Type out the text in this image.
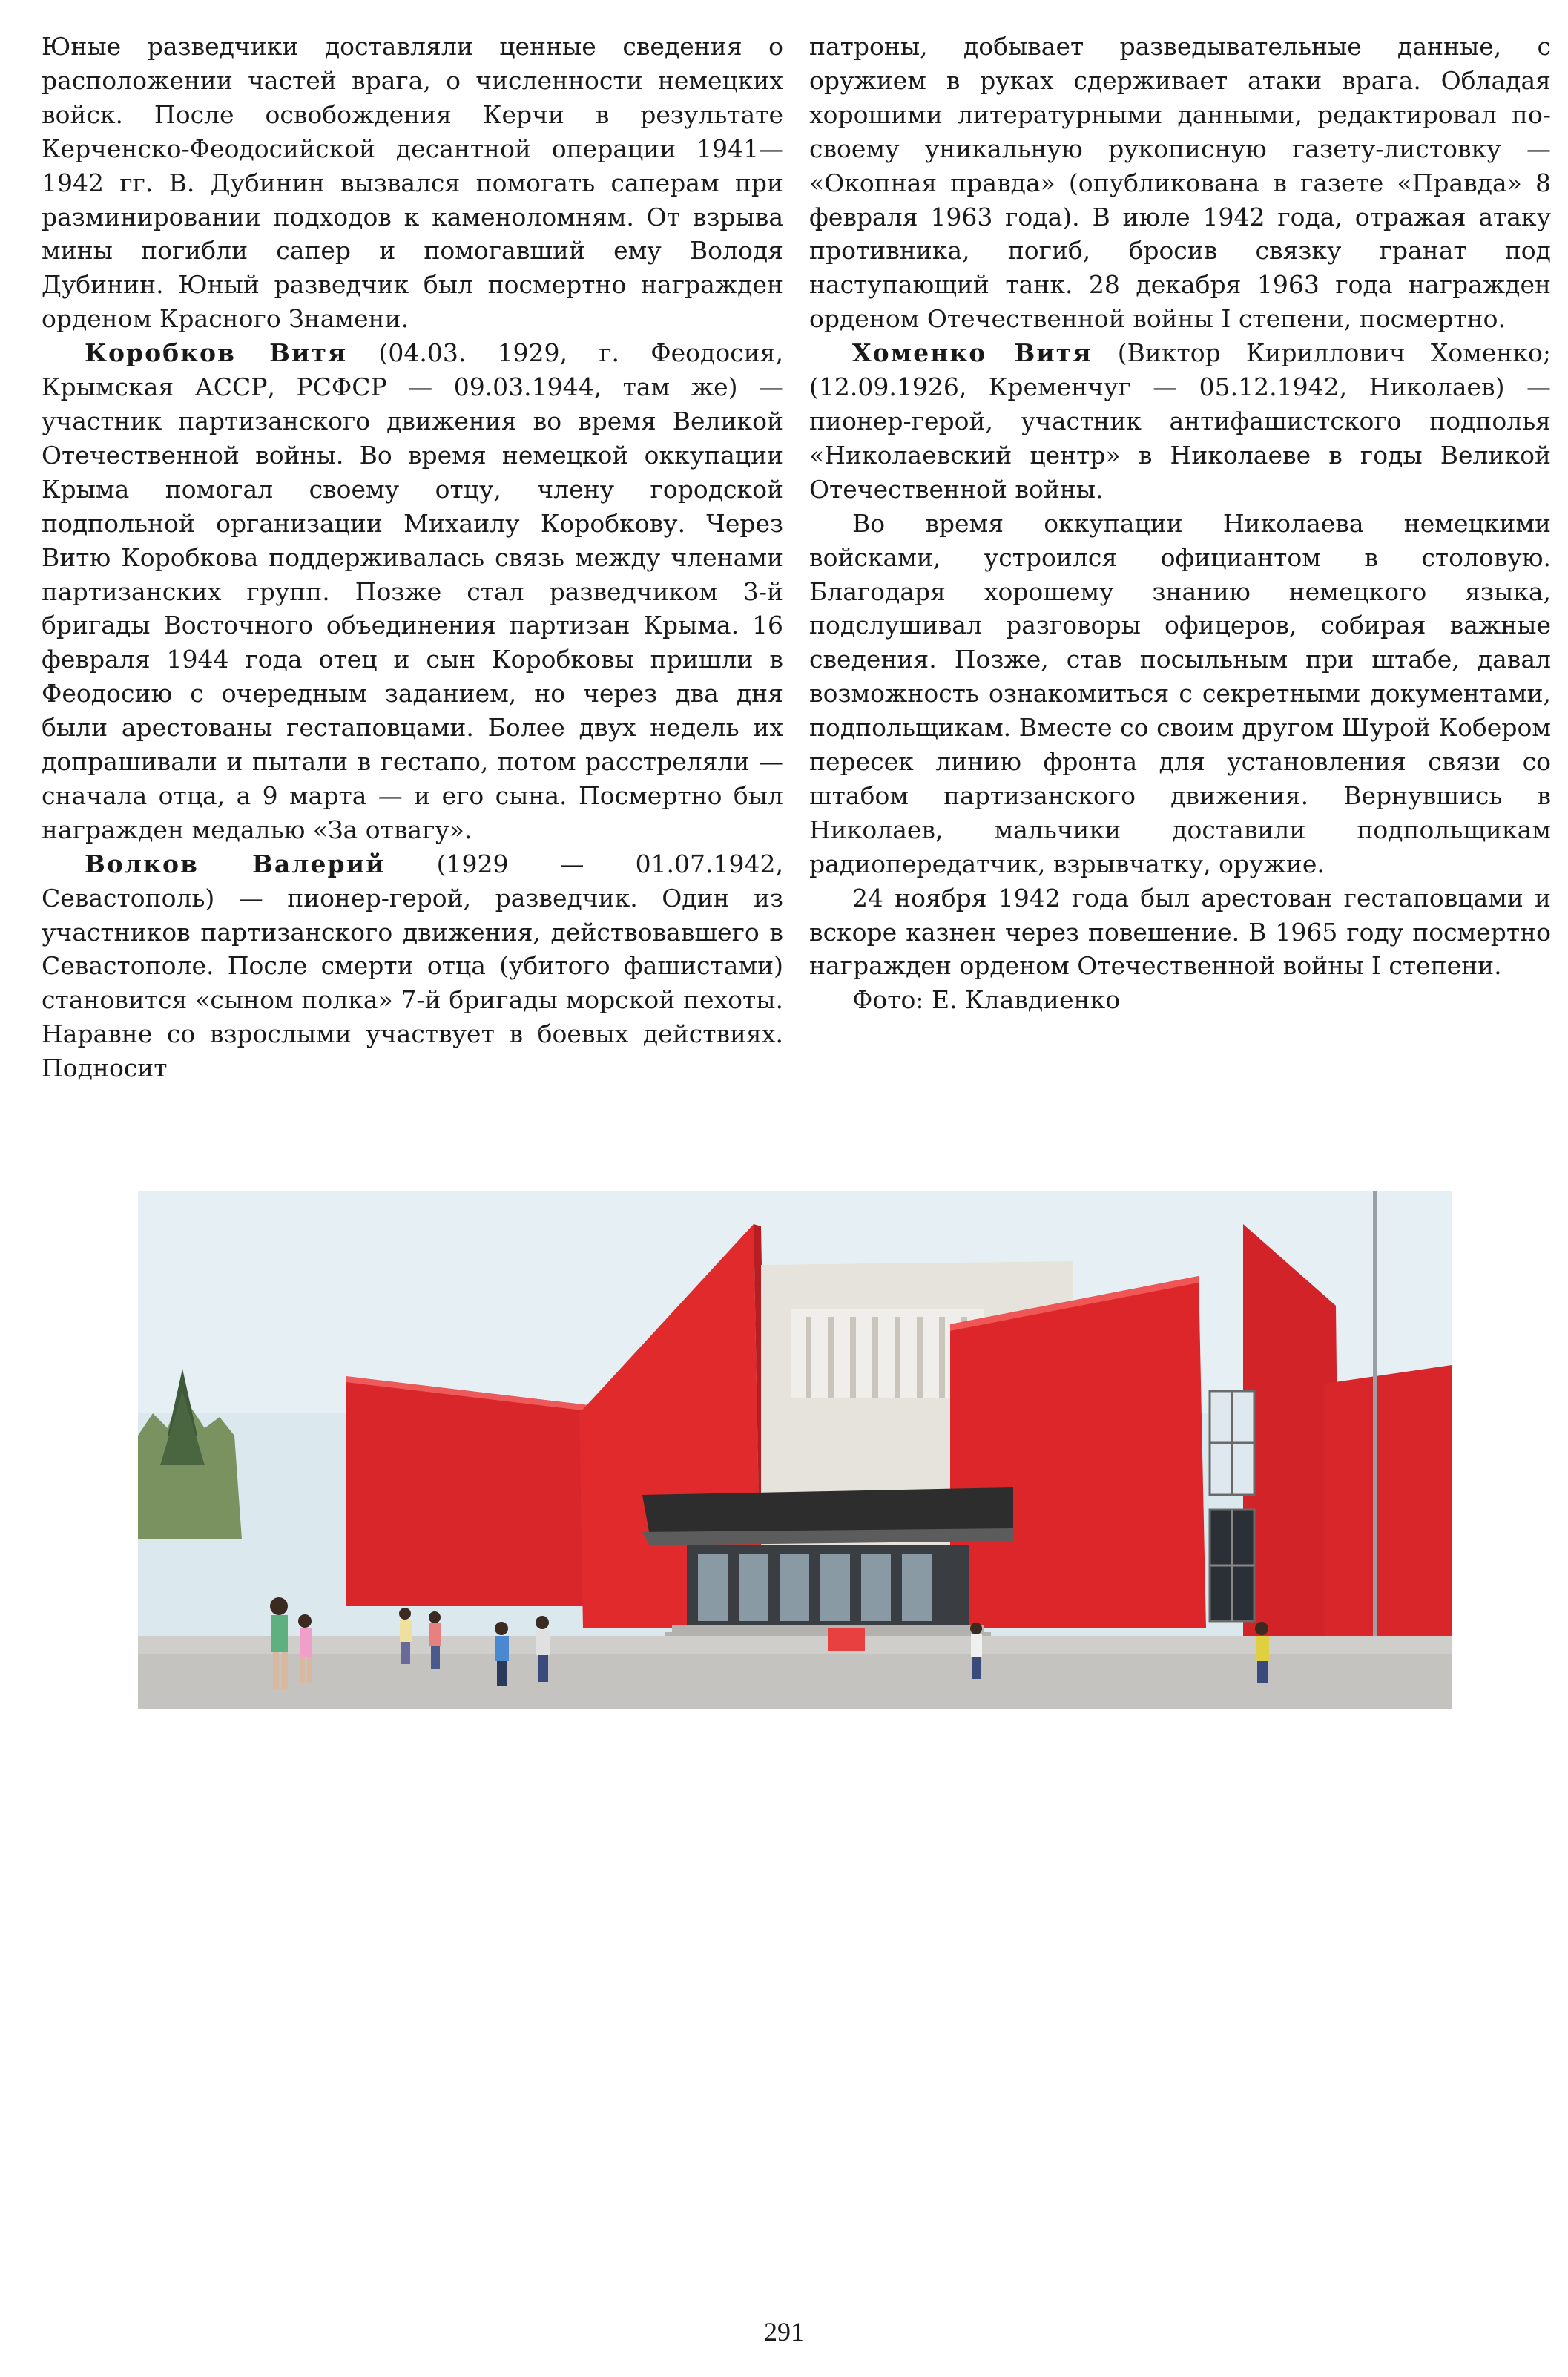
Юные разведчики доставляли ценные сведения о расположении частей врага, о численности немецких войск. После освобождения Керчи в результате Керченско-Феодосийской десантной операции 1941—1942 гг. В. Дубинин вызвался помогать саперам при разминировании подходов к каменоломням. От взрыва мины погибли сапер и помогавший ему Володя Дубинин. Юный разведчик был посмертно награжден орденом Красного Знамени.

Коробков Витя (04.03. 1929, г. Феодосия, Крымская АССР, РСФСР — 09.03.1944, там же) — участник партизанского движения во время Великой Отечественной войны. Во время немецкой оккупации Крыма помогал своему отцу, члену городской подпольной организации Михаилу Коробкову. Через Витю Коробкова поддерживалась связь между членами партизанских групп. Позже стал разведчиком 3-й бригады Восточного объединения партизан Крыма. 16 февраля 1944 года отец и сын Коробковы пришли в Феодосию с очередным заданием, но через два дня были арестованы гестаповцами. Более двух недель их допрашивали и пытали в гестапо, потом расстреляли — сначала отца, а 9 марта — и его сына. Посмертно был награжден медалью «За отвагу».

Волков Валерий (1929 — 01.07.1942, Севастополь) — пионер-герой, разведчик. Один из участников партизанского движения, действовавшего в Севастополе. После смерти отца (убитого фашистами) становится «сыном полка» 7-й бригады морской пехоты. Наравне со взрослыми участвует в боевых действиях. Подносит

патроны, добывает разведывательные данные, с оружием в руках сдерживает атаки врага. Обладая хорошими литературными данными, редактировал по-своему уникальную рукописную газету-листовку — «Окопная правда» (опубликована в газете «Правда» 8 февраля 1963 года). В июле 1942 года, отражая атаку противника, погиб, бросив связку гранат под наступающий танк. 28 декабря 1963 года награжден орденом Отечественной войны I степени, посмертно.

Хоменко Витя (Виктор Кириллович Хоменко; (12.09.1926, Кременчуг — 05.12.1942, Николаев) — пионер-герой, участник антифашистского подполья «Николаевский центр» в Николаеве в годы Великой Отечественной войны.

Во время оккупации Николаева немецкими войсками, устроился официантом в столовую. Благодаря хорошему знанию немецкого языка, подслушивал разговоры офицеров, собирая важные сведения. Позже, став посыльным при штабе, давал возможность ознакомиться с секретными документами, подпольщикам. Вместе со своим другом Шурой Кобером пересек линию фронта для установления связи со штабом партизанского движения. Вернувшись в Николаев, мальчики доставили подпольщикам радиопередатчик, взрывчатку, оружие.

24 ноября 1942 года был арестован гестаповцами и вскоре казнен через повешение. В 1965 году посмертно награжден орденом Отечественной войны I степени.

Фото: Е. Клавдиенко

291
